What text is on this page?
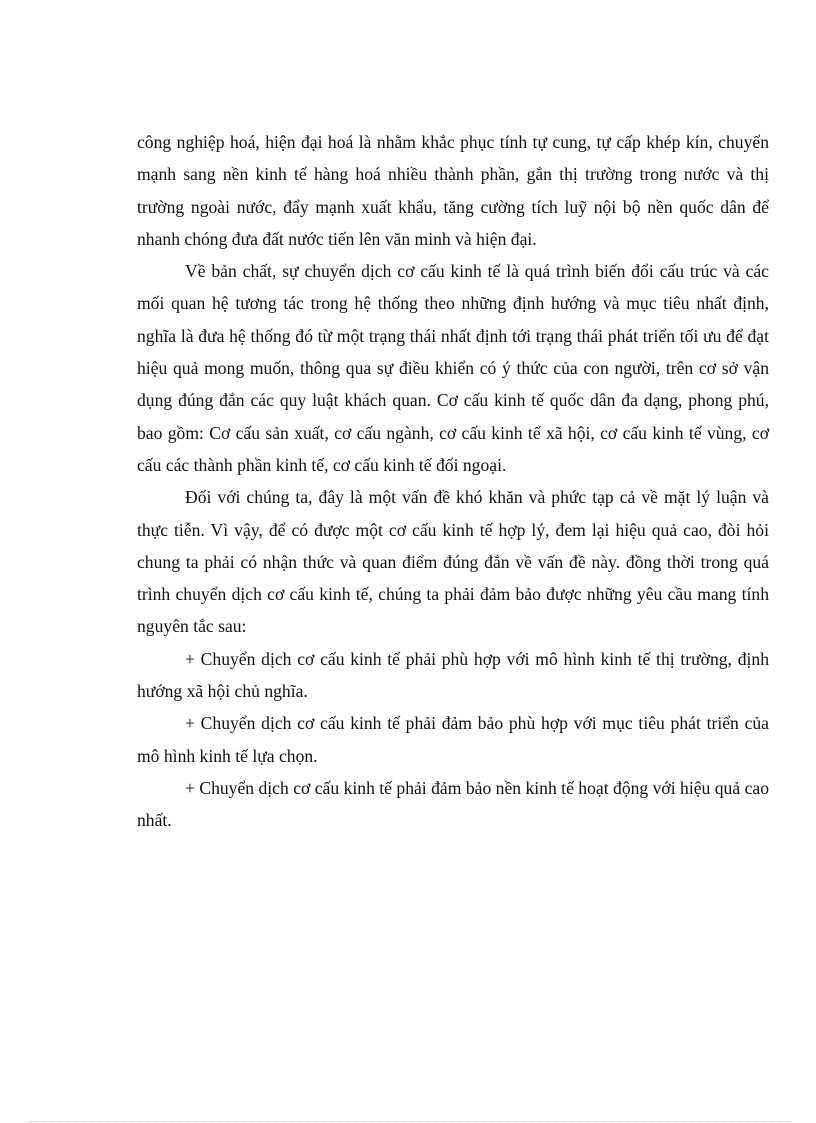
công nghiệp hoá, hiện đại hoá là nhằm khắc phục tính tự cung, tự cấp khép kín, chuyển mạnh sang nền kinh tế hàng hoá nhiều thành phần, gắn thị trường trong nước và thị trường ngoài nước, đẩy mạnh xuất khẩu, tăng cường tích luỹ nội bộ nền quốc dân để nhanh chóng đưa đất nước tiến lên văn minh và hiện đại.

Về bản chất, sự chuyển dịch cơ cấu kinh tế là quá trình biến đổi cấu trúc và các mối quan hệ tương tác trong hệ thống theo những định hướng và mục tiêu nhất định, nghĩa là đưa hệ thống đó từ một trạng thái nhất định tới trạng thái phát triển tối ưu để đạt hiệu quả mong muốn, thông qua sự điều khiển có ý thức của con người, trên cơ sở vận dụng đúng đắn các quy luật khách quan. Cơ cấu kinh tế quốc dân đa dạng, phong phú, bao gồm: Cơ cấu sản xuất, cơ cấu ngành, cơ cấu kinh tế xã hội, cơ cấu kinh tế vùng, cơ cấu các thành phần kinh tế, cơ cấu kinh tế đối ngoại.

Đối với chúng ta, đây là một vấn đề khó khăn và phức tạp cả về mặt lý luận và thực tiễn. Vì vậy, để có được một cơ cấu kinh tế hợp lý, đem lại hiệu quả cao, đòi hỏi chung ta phải có nhận thức và quan điểm đúng đắn về vấn đề này. đồng thời trong quá trình chuyển dịch cơ cấu kinh tế, chúng ta phải đảm bảo được những yêu cầu mang tính nguyên tắc sau:

+ Chuyển dịch cơ cấu kinh tế phải phù hợp với mô hình kinh tế thị trường, định hướng xã hội chủ nghĩa.

+ Chuyển dịch cơ cấu kinh tế phải đảm bảo phù hợp với mục tiêu phát triển của mô hình kinh tế lựa chọn.

+ Chuyển dịch cơ cấu kinh tế phải đảm bảo nền kinh tế hoạt động với hiệu quả cao nhất.
